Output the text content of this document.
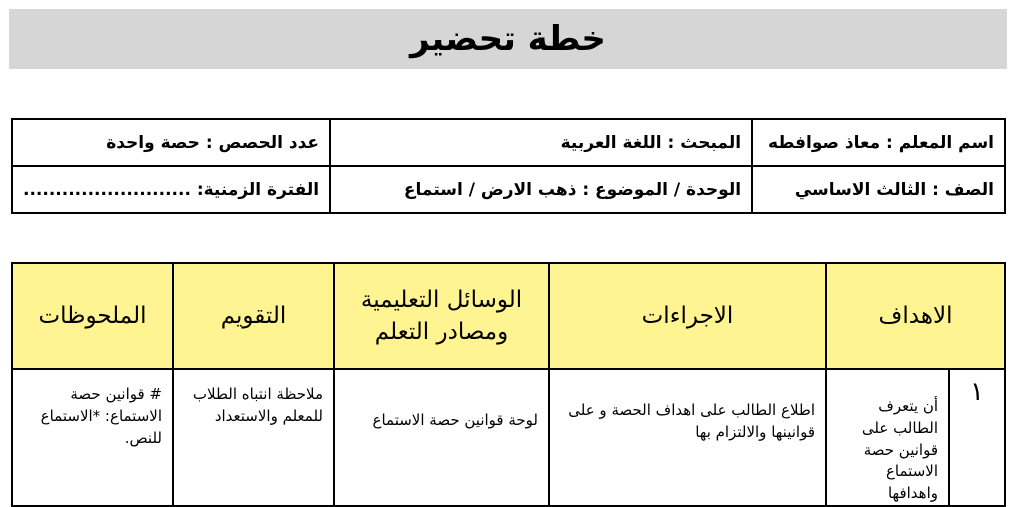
خطة تحضير
عدد الحصص : حصة واحدة	المبحث : اللغة العربية	اسم المعلم : معاذ صوافطه
الفترة الزمنية: ..........................	الوحدة / الموضوع : ذهب الارض / استماع	الصف : الثالث الاساسي
الملحوظات	التقويم	الوسائل التعليمية ومصادر التعلم	الاجراءات	الاهداف	
# قوانين حصة الاستماع: *الاستماع للنص.	ملاحظة انتباه الطلاب للمعلم والاستعداد	لوحة قوانين حصة الاستماع	اطلاع الطالب على اهداف الحصة و على قوانينها والالتزام بها	أن يتعرف الطالب على قوانين حصة الاستماع واهدافها	١
